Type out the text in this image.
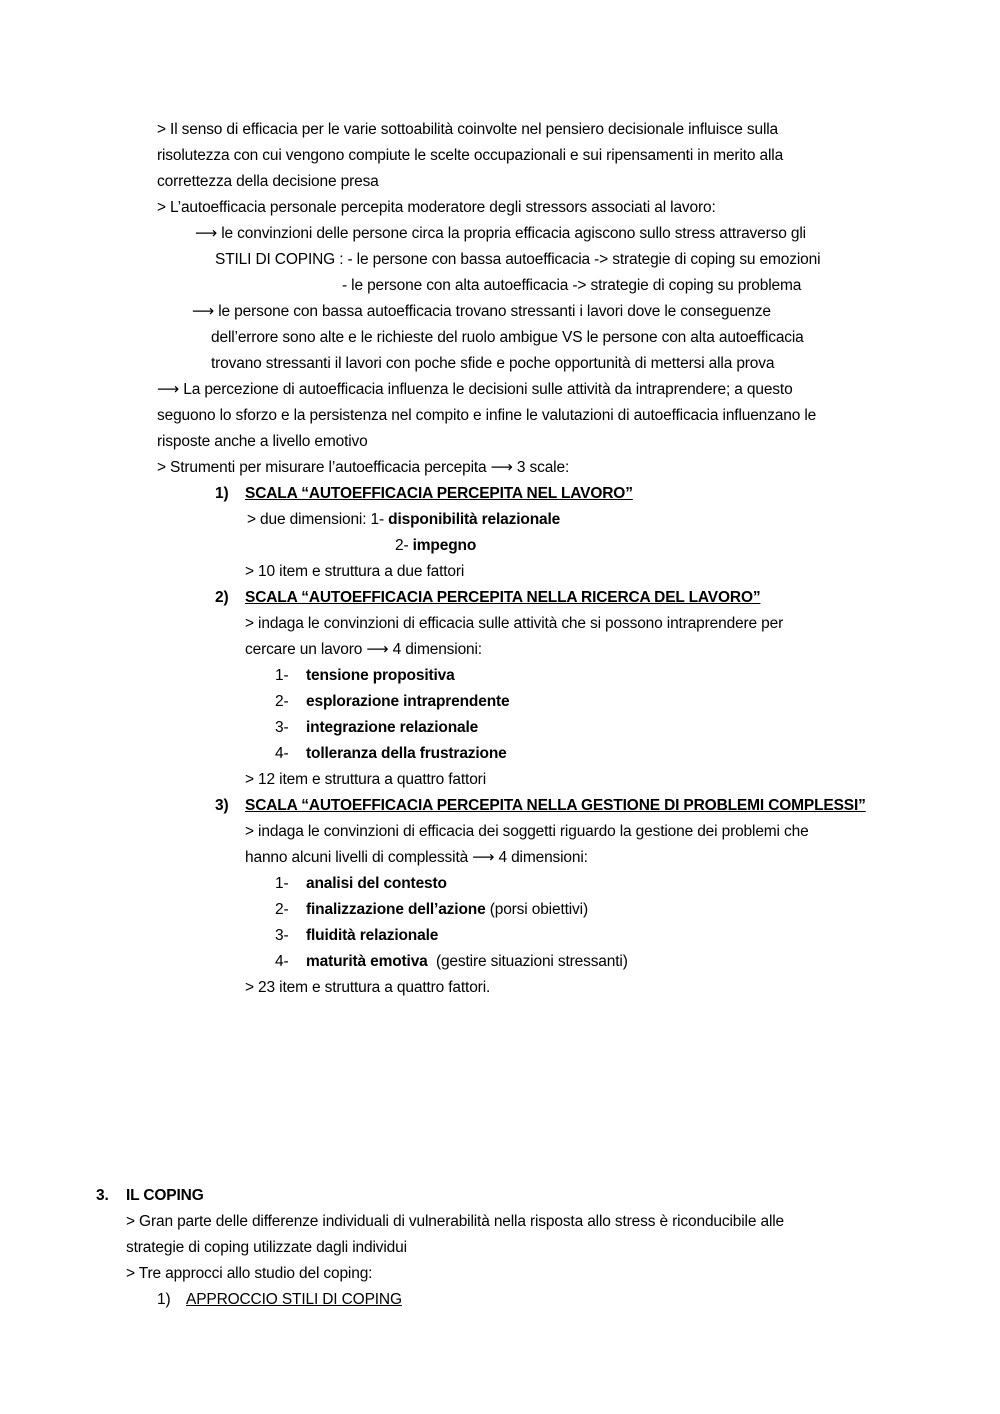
> Il senso di efficacia per le varie sottoabilità coinvolte nel pensiero decisionale influisce sulla
risolutezza con cui vengono compiute le scelte occupazionali e sui ripensamenti in merito alla
correttezza della decisione presa
> L’autoefficacia personale percepita moderatore degli stressors associati al lavoro:
⟶ le convinzioni delle persone circa la propria efficacia agiscono sullo stress attraverso gli
STILI DI COPING : - le persone con bassa autoefficacia -> strategie di coping su emozioni
- le persone con alta autoefficacia -> strategie di coping su problema
⟶ le persone con bassa autoefficacia trovano stressanti i lavori dove le conseguenze
dell’errore sono alte e le richieste del ruolo ambigue VS le persone con alta autoefficacia
trovano stressanti il lavori con poche sfide e poche opportunità di mettersi alla prova
⟶ La percezione di autoefficacia influenza le decisioni sulle attività da intraprendere; a questo
seguono lo sforzo e la persistenza nel compito e infine le valutazioni di autoefficacia influenzano le
risposte anche a livello emotivo
> Strumenti per misurare l’autoefficacia percepita ⟶ 3 scale:
1) SCALA “AUTOEFFICACIA PERCEPITA NEL LAVORO”
> due dimensioni: 1- disponibilità relazionale
2- impegno
> 10 item e struttura a due fattori
2) SCALA “AUTOEFFICACIA PERCEPITA NELLA RICERCA DEL LAVORO”
> indaga le convinzioni di efficacia sulle attività che si possono intraprendere per
cercare un lavoro ⟶ 4 dimensioni:
1- tensione propositiva
2- esplorazione intraprendente
3- integrazione relazionale
4- tolleranza della frustrazione
> 12 item e struttura a quattro fattori
3) SCALA “AUTOEFFICACIA PERCEPITA NELLA GESTIONE DI PROBLEMI COMPLESSI”
> indaga le convinzioni di efficacia dei soggetti riguardo la gestione dei problemi che
hanno alcuni livelli di complessità ⟶ 4 dimensioni:
1- analisi del contesto
2- finalizzazione dell’azione (porsi obiettivi)
3- fluidità relazionale
4- maturità emotiva  (gestire situazioni stressanti)
> 23 item e struttura a quattro fattori.
3. IL COPING
> Gran parte delle differenze individuali di vulnerabilità nella risposta allo stress è riconducibile alle
strategie di coping utilizzate dagli individui
> Tre approcci allo studio del coping:
1) APPROCCIO STILI DI COPING
